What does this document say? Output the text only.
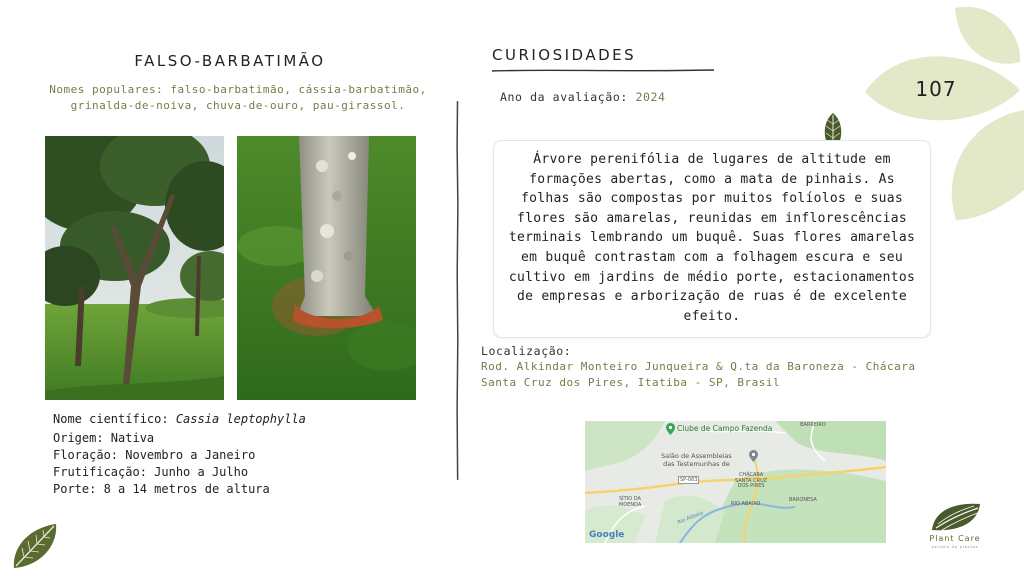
FALSO-BARBATIMÃO
Nomes populares: falso-barbatimão, cássia-barbatimão,
grinalda-de-noiva, chuva-de-ouro, pau-girassol.
Nome científico: Cassia leptophylla
Origem: Nativa
Floração: Novembro a Janeiro
Frutificação: Junho a Julho
Porte: 8 a 14 metros de altura
CURIOSIDADES
Ano da avaliação: 2024
Árvore perenifólia de lugares de altitude em formações abertas, como a mata de pinhais. As folhas são compostas por muitos folíolos e suas flores são amarelas, reunidas em inflorescências terminais lembrando um buquê. Suas flores amarelas em buquê contrastam com a folhagem escura e seu cultivo em jardins de médio porte, estacionamentos de empresas e arborização de ruas é de excelente efeito.
Localização:
Rod. Alkindar Monteiro Junqueira & Q.ta da Baroneza - Chácara Santa Cruz dos Pires, Itatiba - SP, Brasil
Clube de Campo Fazenda
Salão de Assembleias
das Testemunhas de
BARREIRO
SP-063
CHÁCARA
SANTA CRUZ
DOS PIRES
SÍTIO DA
MOENDA	RIO ABAIXO
BARONESA
Rio Atibaia
Google
107
Plant Care
estúdio de plantas
